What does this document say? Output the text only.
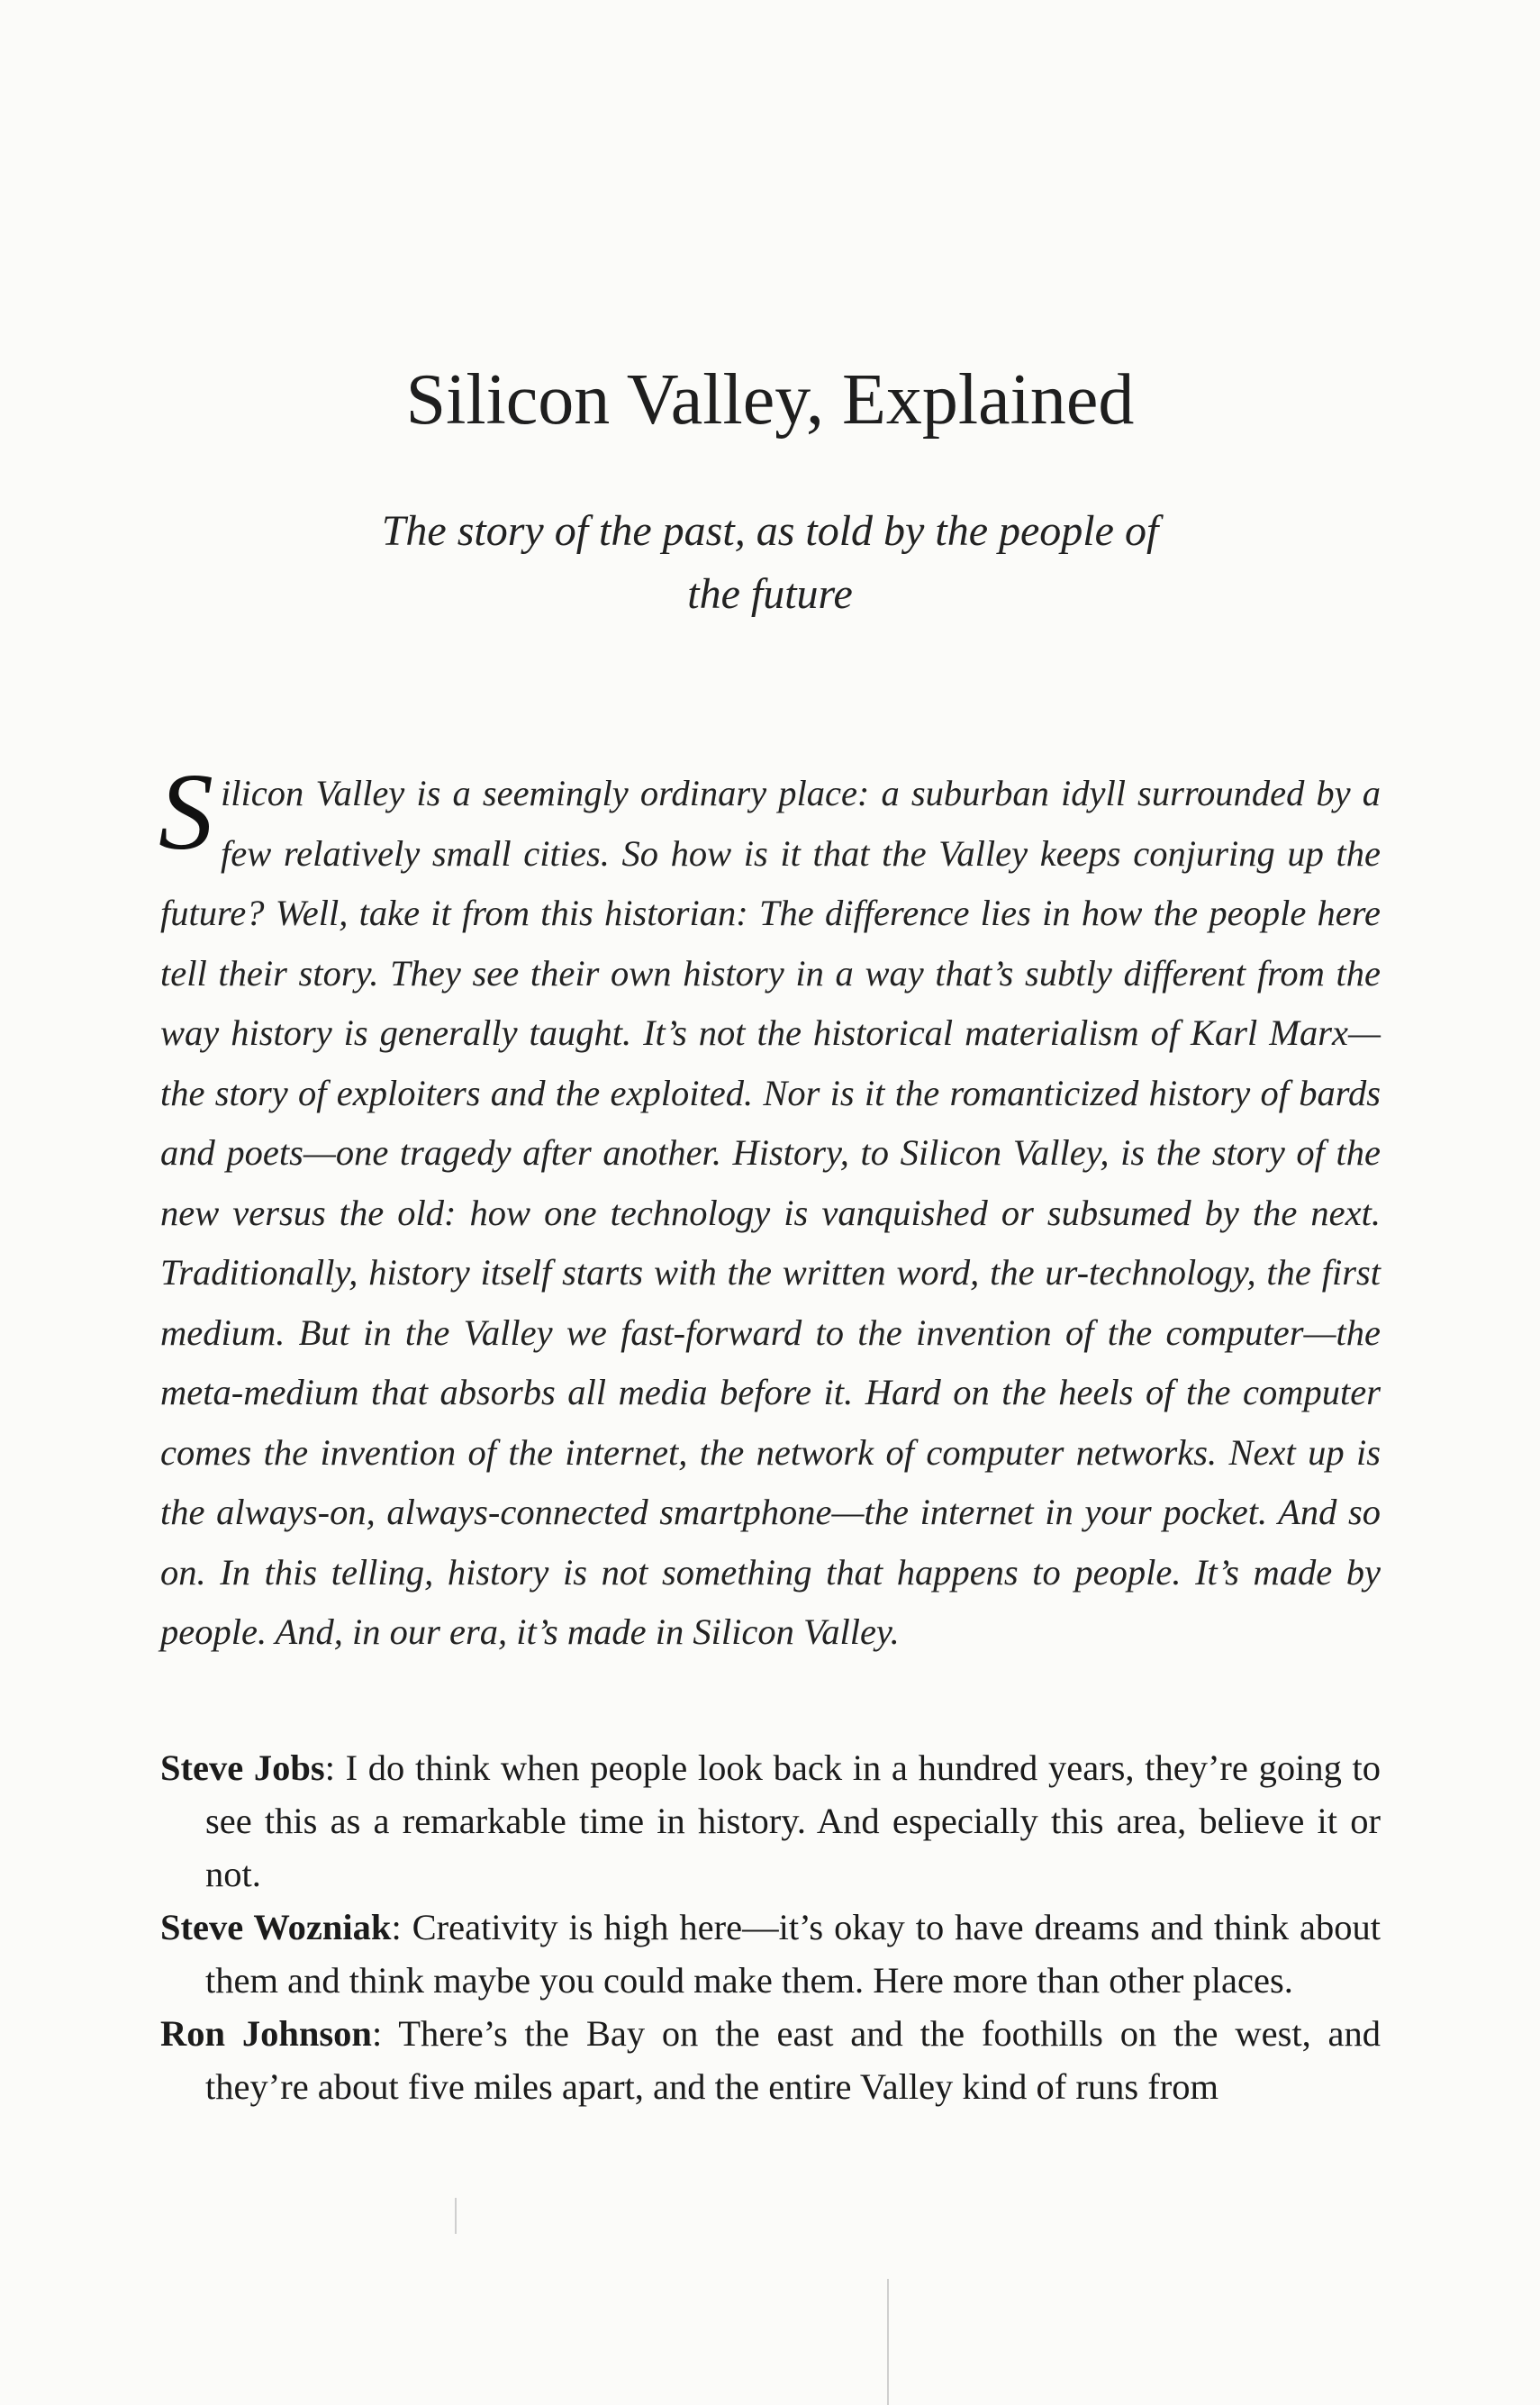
Silicon Valley, Explained

The story of the past, as told by the people of the future

Silicon Valley is a seemingly ordinary place: a suburban idyll surrounded by a few relatively small cities. So how is it that the Valley keeps conjuring up the future? Well, take it from this historian: The difference lies in how the people here tell their story. They see their own history in a way that’s subtly different from the way history is generally taught. It’s not the historical materialism of Karl Marx—the story of exploiters and the exploited. Nor is it the romanticized history of bards and poets—one tragedy after another. History, to Silicon Valley, is the story of the new versus the old: how one technology is vanquished or subsumed by the next. Traditionally, history itself starts with the written word, the ur-technology, the first medium. But in the Valley we fast-forward to the invention of the computer—the meta-medium that absorbs all media before it. Hard on the heels of the computer comes the invention of the internet, the network of computer networks. Next up is the always-on, always-connected smartphone—the internet in your pocket. And so on. In this telling, history is not something that happens to people. It’s made by people. And, in our era, it’s made in Silicon Valley.

Steve Jobs: I do think when people look back in a hundred years, they’re going to see this as a remarkable time in history. And especially this area, believe it or not.

Steve Wozniak: Creativity is high here—it’s okay to have dreams and think about them and think maybe you could make them. Here more than other places.

Ron Johnson: There’s the Bay on the east and the foothills on the west, and they’re about five miles apart, and the entire Valley kind of runs from
